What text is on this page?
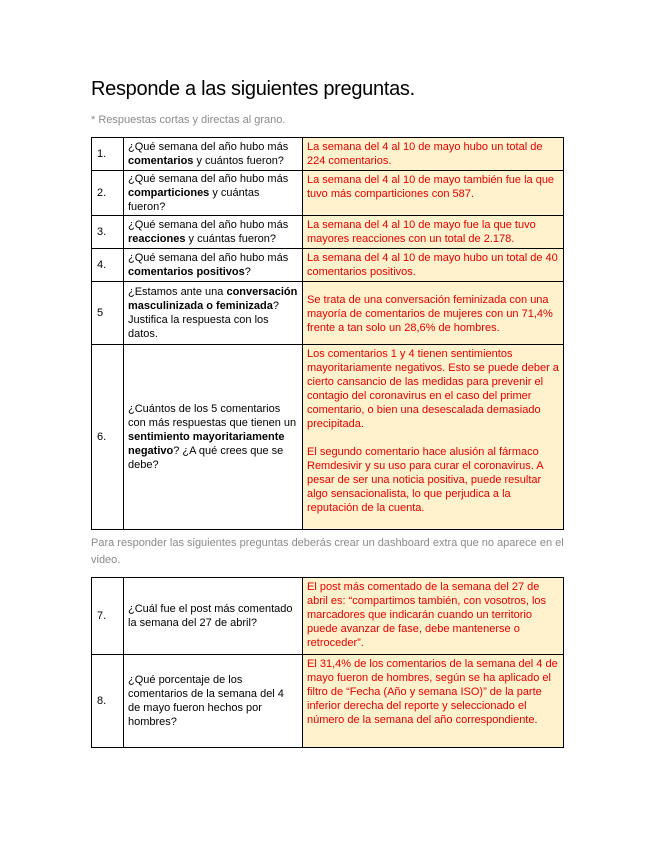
Responde a las siguientes preguntas.
* Respuestas cortas y directas al grano.
1.	¿Qué semana del año hubo más comentarios y cuántos fueron?	La semana del 4 al 10 de mayo hubo un total de 224 comentarios.
2.	¿Qué semana del año hubo más comparticiones y cuántas fueron?	La semana del 4 al 10 de mayo también fue la que tuvo más comparticiones con 587.
3.	¿Qué semana del año hubo más reacciones y cuántas fueron?	La semana del 4 al 10 de mayo fue la que tuvo mayores reacciones con un total de 2.178.
4.	¿Qué semana del año hubo más comentarios positivos?	La semana del 4 al 10 de mayo hubo un total de 40 comentarios positivos.
5	¿Estamos ante una conversación masculinizada o feminizada? Justifica la respuesta con los datos.	Se trata de una conversación feminizada con una mayoría de comentarios de mujeres con un 71,4% frente a tan solo un 28,6% de hombres.
6.	¿Cuántos de los 5 comentarios con más respuestas que tienen un sentimiento mayoritariamente negativo? ¿A qué crees que se debe?	Los comentarios 1 y 4 tienen sentimientos mayoritariamente negativos. Esto se puede deber a cierto cansancio de las medidas para prevenir el contagio del coronavirus en el caso del primer comentario, o bien una desescalada demasiado precipitada.
El segundo comentario hace alusión al fármaco Remdesivir y su uso para curar el coronavirus. A pesar de ser una noticia positiva, puede resultar algo sensacionalista, lo que perjudica a la reputación de la cuenta.
Para responder las siguientes preguntas deberás crear un dashboard extra que no aparece en el video.
7.	¿Cuál fue el post más comentado la semana del 27 de abril?	El post más comentado de la semana del 27 de abril es: “compartimos también, con vosotros, los marcadores que indicarán cuando un territorio puede avanzar de fase, debe mantenerse o retroceder”.
8.	¿Qué porcentaje de los comentarios de la semana del 4 de mayo fueron hechos por hombres?	El 31,4% de los comentarios de la semana del 4 de mayo fueron de hombres, según se ha aplicado el filtro de “Fecha (Año y semana ISO)” de la parte inferior derecha del reporte y seleccionado el número de la semana del año correspondiente.
